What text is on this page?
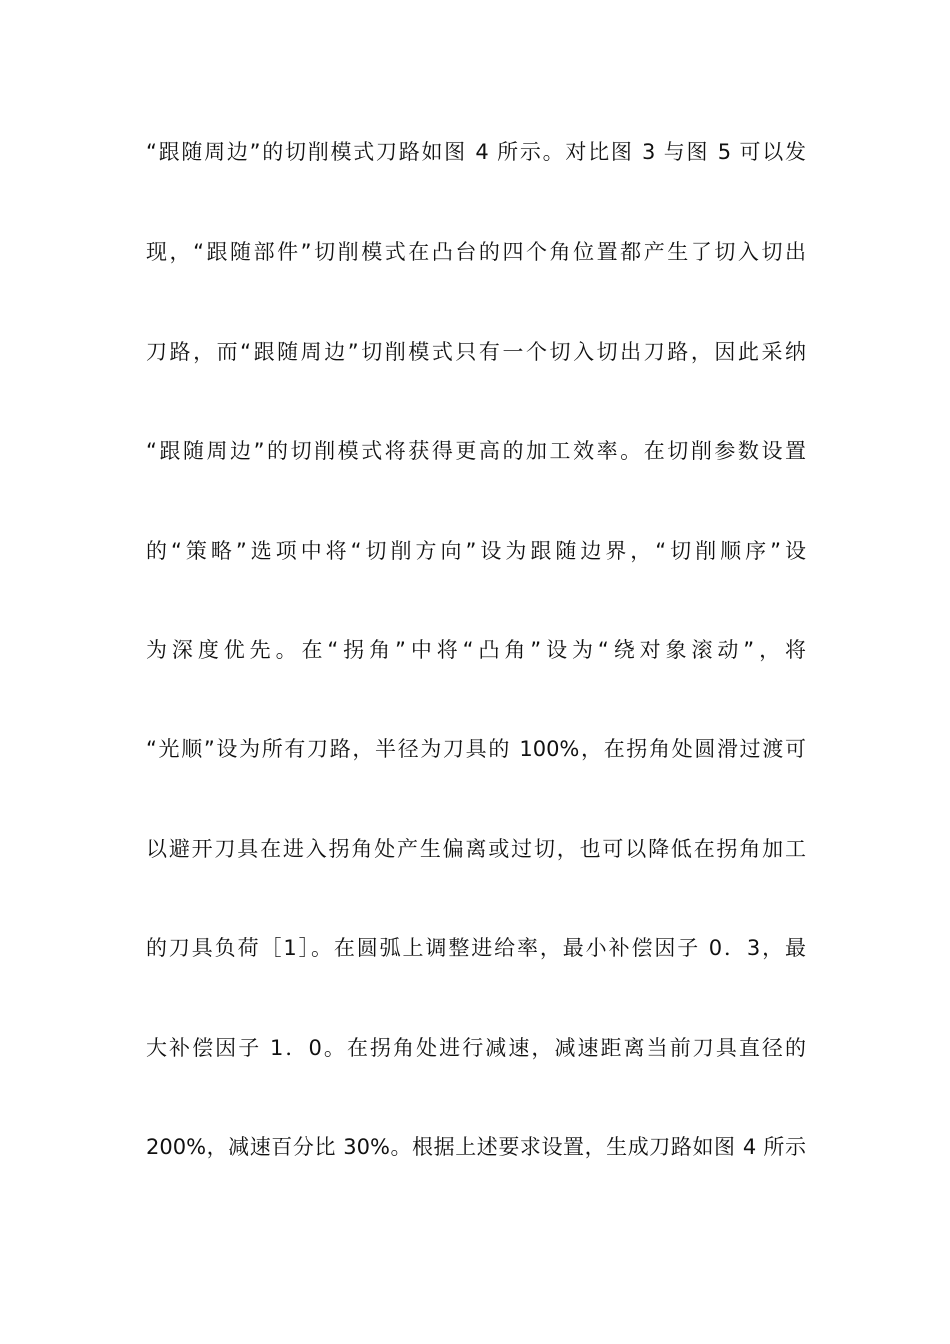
“跟随周边”的切削模式刀路如图 4 所示。对比图 3 与图 5 可以发
现，“跟随部件”切削模式在凸台的四个角位置都产生了切入切出
刀路，而“跟随周边”切削模式只有一个切入切出刀路，因此采纳
“跟随周边”的切削模式将获得更高的加工效率。在切削参数设置
的“策略”选项中将“切削方向”设为跟随边界，“切削顺序”设
为深度优先。在“拐角”中将“凸角”设为“绕对象滚动”，将
“光顺”设为所有刀路，半径为刀具的 100%，在拐角处圆滑过渡可
以避开刀具在进入拐角处产生偏离或过切，也可以降低在拐角加工
的刀具负荷［1］。在圆弧上调整进给率，最小补偿因子 0．3，最
大补偿因子 1．0。在拐角处进行减速，减速距离当前刀具直径的
200%，减速百分比 30%。根据上述要求设置，生成刀路如图 4 所示
